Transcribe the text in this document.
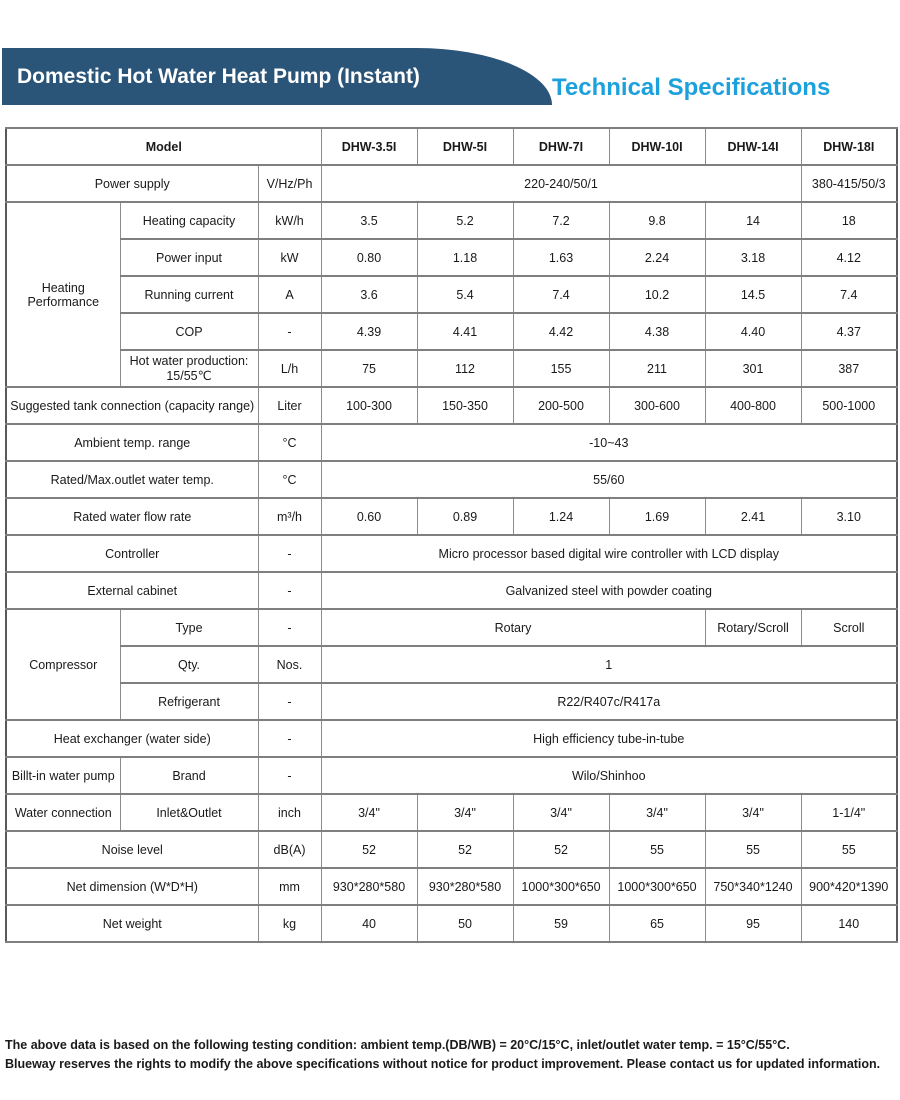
Domestic Hot Water Heat Pump (Instant)	Technical Specifications
Model			DHW-3.5I	DHW-5I	DHW-7I	DHW-10I	DHW-14I	DHW-18I
Power supply		V/Hz/Ph	220-240/50/1					380-415/50/3
Heating Performance	Heating capacity	kW/h	3.5	5.2	7.2	9.8	14	18
	Power input	kW	0.80	1.18	1.63	2.24	3.18	4.12
	Running current	A	3.6	5.4	7.4	10.2	14.5	7.4
	COP	-	4.39	4.41	4.42	4.38	4.40	4.37
	Hot water production: 15/55℃	L/h	75	112	155	211	301	387
Suggested tank connection (capacity range)		Liter	100-300	150-350	200-500	300-600	400-800	500-1000
Ambient temp. range		°C	-10~43					
Rated/Max.outlet water temp.		°C	55/60					
Rated water flow rate		m³/h	0.60	0.89	1.24	1.69	2.41	3.10
Controller		-	Micro processor based digital wire controller with LCD display					
External cabinet		-	Galvanized steel with powder coating					
Compressor	Type	-	Rotary				Rotary/Scroll	Scroll
	Qty.	Nos.	1					
	Refrigerant	-	R22/R407c/R417a					
Heat exchanger (water side)		-	High efficiency tube-in-tube					
Billt-in water pump	Brand	-	Wilo/Shinhoo					
Water connection	Inlet&Outlet	inch	3/4"	3/4"	3/4"	3/4"	3/4"	1-1/4"
Noise level		dB(A)	52	52	52	55	55	55
Net dimension (W*D*H)		mm	930*280*580	930*280*580	1000*300*650	1000*300*650	750*340*1240	900*420*1390
Net weight		kg	40	50	59	65	95	140
The above data is based on the following testing condition: ambient temp.(DB/WB) = 20°C/15°C, inlet/outlet water temp. = 15°C/55°C.
Blueway reserves the rights to modify the above specifications without notice for product improvement. Please contact us for updated information.
